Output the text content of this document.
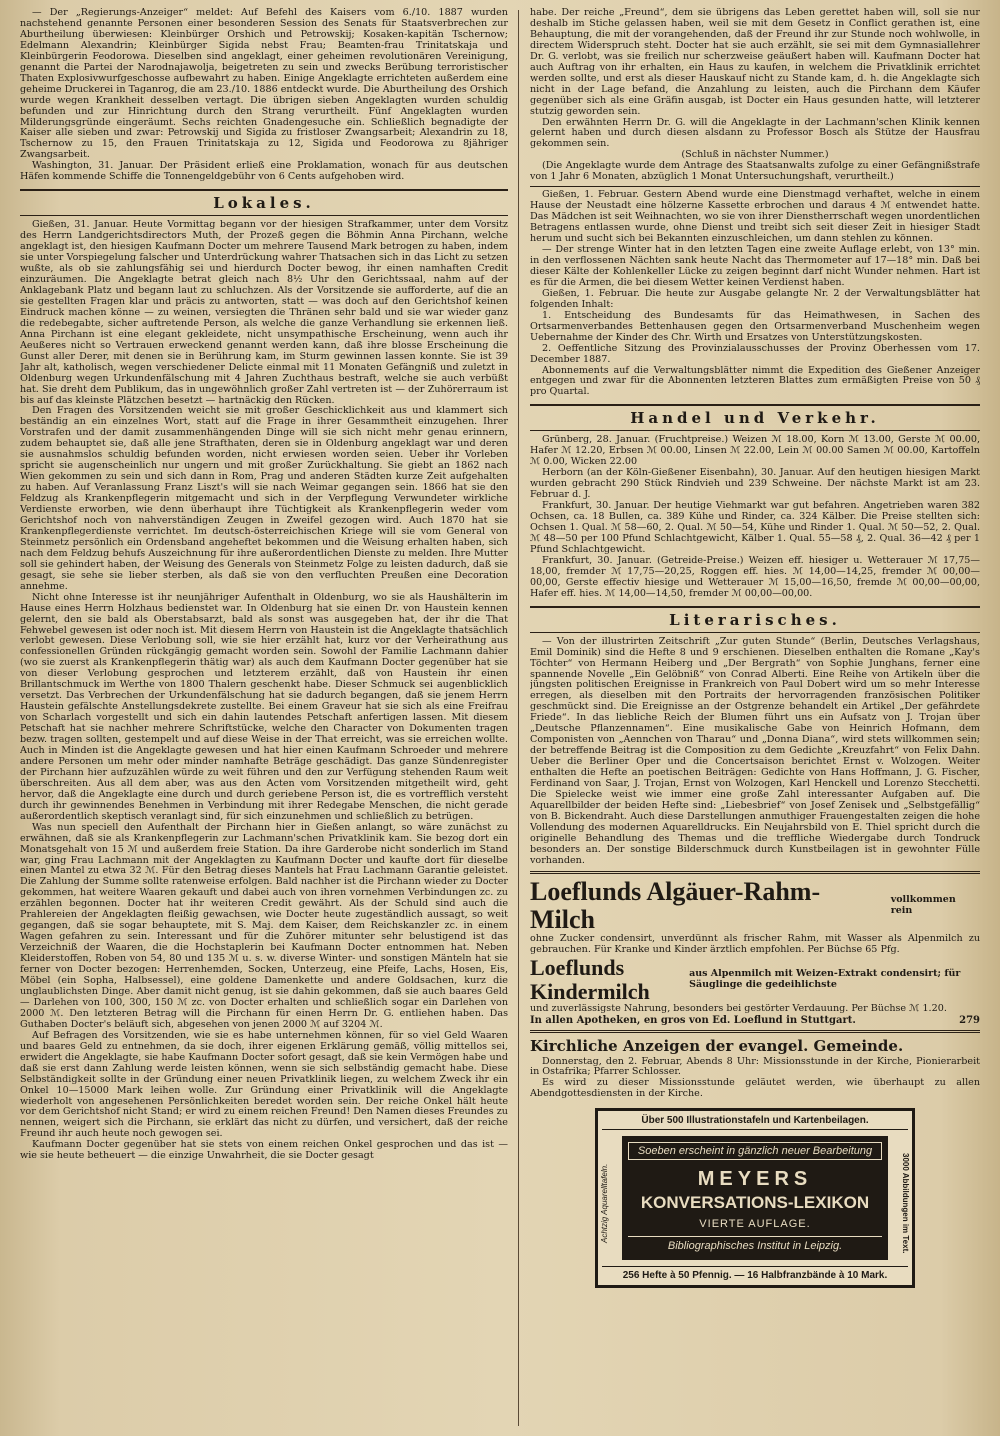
— Der „Regierungs-Anzeiger“ meldet: Auf Befehl des Kaisers vom 6./10. 1887 wurden nachstehend genannte Personen einer besonderen Session des Senats für Staatsverbrechen zur Aburtheilung überwiesen: Kleinbürger Orshich und Petrowskij; Kosaken-kapitän Tschernow; Edelmann Alexandrin; Kleinbürger Sigida nebst Frau; Beamten-frau Trinitatskaja und Kleinbürgerin Feodorowa. Dieselben sind angeklagt, einer geheimen revolutionären Vereinigung, genannt die Partei der Narodnajawolja, beigetreten zu sein und zwecks Berübung terroristischer Thaten Explosivwurfgeschosse aufbewahrt zu haben. Einige Angeklagte errichteten außerdem eine geheime Druckerei in Taganrog, die am 23./10. 1886 entdeckt wurde. Die Aburtheilung des Orshich wurde wegen Krankheit desselben vertagt. Die übrigen sieben Angeklagten wurden schuldig befunden und zur Hinrichtung durch den Strang verurtheilt. Fünf Angeklagten wurden Milderungsgründe eingeräumt. Sechs reichten Gnadengesuche ein. Schließlich begnadigte der Kaiser alle sieben und zwar: Petrowskij und Sigida zu fristloser Zwangsarbeit; Alexandrin zu 18, Tschernow zu 15, den Frauen Trinitatskaja zu 12, Sigida und Feodorowa zu 8jähriger Zwangsarbeit.

Washington, 31. Januar. Der Präsident erließ eine Proklamation, wonach für aus deutschen Häfen kommende Schiffe die Tonnengeldgebühr von 6 Cents aufgehoben wird.

Lokales.

Gießen, 31. Januar. Heute Vormittag begann vor der hiesigen Strafkammer, unter dem Vorsitz des Herrn Landgerichtsdirectors Muth, der Prozeß gegen die Böhmin Anna Pirchann, welche angeklagt ist, den hiesigen Kaufmann Docter um mehrere Tausend Mark betrogen zu haben, indem sie unter Vorspiegelung falscher und Unterdrückung wahrer Thatsachen sich in das Licht zu setzen wußte, als ob sie zahlungsfähig sei und hierdurch Docter bewog, ihr einen namhaften Credit einzuräumen. Die Angeklagte betrat gleich nach 8½ Uhr den Gerichtssaal, nahm auf der Anklagebank Platz und begann laut zu schluchzen. Als der Vorsitzende sie aufforderte, auf die an sie gestellten Fragen klar und präcis zu antworten, statt — was doch auf den Gerichtshof keinen Eindruck machen könne — zu weinen, versiegten die Thränen sehr bald und sie war wieder ganz die redebegabte, sicher auftretende Person, als welche die ganze Verhandlung sie erkennen ließ. Anna Pirchann ist eine elegant gekleidete, nicht unsympathische Erscheinung, wenn auch ihr Aeußeres nicht so Vertrauen erweckend genannt werden kann, daß ihre blosse Erscheinung die Gunst aller Derer, mit denen sie in Berührung kam, im Sturm gewinnen lassen konnte. Sie ist 39 Jahr alt, katholisch, wegen verschiedener Delicte einmal mit 11 Monaten Gefängniß und zuletzt in Oldenburg wegen Urkundenfälschung mit 4 Jahren Zuchthaus bestraft, welche sie auch verbüßt hat. Sie dreht dem Publikum, das in ungewöhnlich großer Zahl vertreten ist — der Zuhörerraum ist bis auf das kleinste Plätzchen besetzt — hartnäckig den Rücken.

Den Fragen des Vorsitzenden weicht sie mit großer Geschicklichkeit aus und klammert sich beständig an ein einzelnes Wort, statt auf die Frage in ihrer Gesammtheit einzugehen. Ihrer Vorstrafen und der damit zusammenhängenden Dinge will sie sich nicht mehr genau erinnern, zudem behauptet sie, daß alle jene Strafthaten, deren sie in Oldenburg angeklagt war und deren sie ausnahmslos schuldig befunden worden, nicht erwiesen worden seien. Ueber ihr Vorleben spricht sie augenscheinlich nur ungern und mit großer Zurückhaltung. Sie giebt an 1862 nach Wien gekommen zu sein und sich dann in Rom, Prag und anderen Städten kurze Zeit aufgehalten zu haben. Auf Veranlassung Franz Liszt's will sie nach Weimar gegangen sein. 1866 hat sie den Feldzug als Krankenpflegerin mitgemacht und sich in der Verpflegung Verwundeter wirkliche Verdienste erworben, wie denn überhaupt ihre Tüchtigkeit als Krankenpflegerin weder vom Gerichtshof noch von nahverständigen Zeugen in Zweifel gezogen wird. Auch 1870 hat sie Krankenpflegerdienste verrichtet. Im deutsch-österreichischen Kriege will sie vom General von Steinmetz persönlich ein Ordensband angeheftet bekommen und die Weisung erhalten haben, sich nach dem Feldzug behufs Auszeichnung für ihre außerordentlichen Dienste zu melden. Ihre Mutter soll sie gehindert haben, der Weisung des Generals von Steinmetz Folge zu leisten dadurch, daß sie gesagt, sie sehe sie lieber sterben, als daß sie von den verfluchten Preußen eine Decoration annehme.

Nicht ohne Interesse ist ihr neunjähriger Aufenthalt in Oldenburg, wo sie als Haushälterin im Hause eines Herrn Holzhaus bedienstet war. In Oldenburg hat sie einen Dr. von Haustein kennen gelernt, den sie bald als Oberstabsarzt, bald als sonst was ausgegeben hat, der ihr die That Fehwebel gewesen ist oder noch ist. Mit diesem Herrn von Haustein ist die Angeklagte thatsächlich verlobt gewesen. Diese Verlobung soll, wie sie hier erzählt hat, kurz vor der Verheirathung aus confessionellen Gründen rückgängig gemacht worden sein. Sowohl der Familie Lachmann dahier (wo sie zuerst als Krankenpflegerin thätig war) als auch dem Kaufmann Docter gegenüber hat sie von dieser Verlobung gesprochen und letzterem erzählt, daß von Haustein ihr einen Brillantschmuck im Werthe von 1800 Thalern geschenkt habe. Dieser Schmuck sei augenblicklich versetzt. Das Verbrechen der Urkundenfälschung hat sie dadurch begangen, daß sie jenem Herrn Haustein gefälschte Anstellungsdekrete zustellte. Bei einem Graveur hat sie sich als eine Freifrau von Scharlach vorgestellt und sich ein dahin lautendes Petschaft anfertigen lassen. Mit diesem Petschaft hat sie nachher mehrere Schriftstücke, welche den Character von Dokumenten tragen bezw. tragen sollten, gestempelt und auf diese Weise in der That erreicht, was sie erreichen wollte. Auch in Minden ist die Angeklagte gewesen und hat hier einen Kaufmann Schroeder und mehrere andere Personen um mehr oder minder namhafte Beträge geschädigt. Das ganze Sündenregister der Pirchann hier aufzuzählen würde zu weit führen und den zur Verfügung stehenden Raum weit überschreiten. Aus all dem aber, was aus den Acten vom Vorsitzenden mitgetheilt wird, geht hervor, daß die Angeklagte eine durch und durch geriebene Person ist, die es vortrefflich versteht durch ihr gewinnendes Benehmen in Verbindung mit ihrer Redegabe Menschen, die nicht gerade außerordentlich skeptisch veranlagt sind, für sich einzunehmen und schließlich zu betrügen.

Was nun speciell den Aufenthalt der Pirchann hier in Gießen anlangt, so wäre zunächst zu erwähnen, daß sie als Krankenpflegerin zur Lachmann'schen Privatklinik kam. Sie bezog dort ein Monatsgehalt von 15 ℳ und außerdem freie Station. Da ihre Garderobe nicht sonderlich im Stand war, ging Frau Lachmann mit der Angeklagten zu Kaufmann Docter und kaufte dort für dieselbe einen Mantel zu etwa 32 ℳ. Für den Betrag dieses Mantels hat Frau Lachmann Garantie geleistet. Die Zahlung der Summe sollte ratenweise erfolgen. Bald nachher ist die Pirchann wieder zu Docter gekommen, hat weitere Waaren gekauft und dabei auch von ihren vornehmen Verbindungen zc. zu erzählen begonnen. Docter hat ihr weiteren Credit gewährt. Als der Schuld sind auch die Prahlereien der Angeklagten fleißig gewachsen, wie Docter heute zugeständlich aussagt, so weit gegangen, daß sie sogar behauptete, mit S. Maj. dem Kaiser, dem Reichskanzler zc. in einem Wagen gefahren zu sein. Interessant und für die Zuhörer mitunter sehr belustigend ist das Verzeichniß der Waaren, die die Hochstaplerin bei Kaufmann Docter entnommen hat. Neben Kleiderstoffen, Roben von 54, 80 und 135 ℳ u. s. w. diverse Winter- und sonstigen Mänteln hat sie ferner von Docter bezogen: Herrenhemden, Socken, Unterzeug, eine Pfeife, Lachs, Hosen, Eis, Möbel (ein Sopha, Halbsessel), eine goldene Damenkette und andere Goldsachen, kurz die unglaublichsten Dinge. Aber damit nicht genug, ist sie dahin gekommen, daß sie auch baares Geld — Darlehen von 100, 300, 150 ℳ zc. von Docter erhalten und schließlich sogar ein Darlehen von 2000 ℳ. Den letzteren Betrag will die Pirchann für einen Herrn Dr. G. entliehen haben. Das Guthaben Docter's beläuft sich, abgesehen von jenen 2000 ℳ auf 3204 ℳ.

Auf Befragen des Vorsitzenden, wie sie es habe unternehmen können, für so viel Geld Waaren und baares Geld zu entnehmen, da sie doch, ihrer eigenen Erklärung gemäß, völlig mittellos sei, erwidert die Angeklagte, sie habe Kaufmann Docter sofort gesagt, daß sie kein Vermögen habe und daß sie erst dann Zahlung werde leisten können, wenn sie sich selbständig gemacht habe. Diese Selbständigkeit sollte in der Gründung einer neuen Privatklinik liegen, zu welchem Zweck ihr ein Onkel 10—15000 Mark leihen wolle. Zur Gründung einer Privatklinik will die Angeklagte wiederholt von angesehenen Persönlichkeiten beredet worden sein. Der reiche Onkel hält heute vor dem Gerichtshof nicht Stand; er wird zu einem reichen Freund! Den Namen dieses Freundes zu nennen, weigert sich die Pirchann, sie erklärt das nicht zu dürfen, und versichert, daß der reiche Freund ihr auch heute noch gewogen sei.

Kaufmann Docter gegenüber hat sie stets von einem reichen Onkel gesprochen und das ist — wie sie heute betheuert — die einzige Unwahrheit, die sie Docter gesagt

habe. Der reiche „Freund“, dem sie übrigens das Leben gerettet haben will, soll sie nur deshalb im Stiche gelassen haben, weil sie mit dem Gesetz in Conflict gerathen ist, eine Behauptung, die mit der vorangehenden, daß der Freund ihr zur Stunde noch wohlwolle, in directem Widerspruch steht. Docter hat sie auch erzählt, sie sei mit dem Gymnasiallehrer Dr. G. verlobt, was sie freilich nur scherzweise geäußert haben will. Kaufmann Docter hat auch Auftrag von ihr erhalten, ein Haus zu kaufen, in welchem die Privatklinik errichtet werden sollte, und erst als dieser Hauskauf nicht zu Stande kam, d. h. die Angeklagte sich nicht in der Lage befand, die Anzahlung zu leisten, auch die Pirchann dem Käufer gegenüber sich als eine Gräfin ausgab, ist Docter ein Haus gesunden hatte, will letzterer stutzig geworden sein.

Den erwähnten Herrn Dr. G. will die Angeklagte in der Lachmann'schen Klinik kennen gelernt haben und durch diesen alsdann zu Professor Bosch als Stütze der Hausfrau gekommen sein.

(Schluß in nächster Nummer.)

(Die Angeklagte wurde dem Antrage des Staatsanwalts zufolge zu einer Gefängnißstrafe von 1 Jahr 6 Monaten, abzüglich 1 Monat Untersuchungshaft, verurtheilt.)

Gießen, 1. Februar. Gestern Abend wurde eine Dienstmagd verhaftet, welche in einem Hause der Neustadt eine hölzerne Kassette erbrochen und daraus 4 ℳ entwendet hatte. Das Mädchen ist seit Weihnachten, wo sie von ihrer Dienstherrschaft wegen unordentlichen Betragens entlassen wurde, ohne Dienst und treibt sich seit dieser Zeit in hiesiger Stadt herum und sucht sich bei Bekannten einzuschleichen, um dann stehlen zu können.

— Der strenge Winter hat in den letzten Tagen eine zweite Auflage erlebt, von 13° min. in den verflossenen Nächten sank heute Nacht das Thermometer auf 17—18° min. Daß bei dieser Kälte der Kohlenkeller Lücke zu zeigen beginnt darf nicht Wunder nehmen. Hart ist es für die Armen, die bei diesem Wetter keinen Verdienst haben.

Gießen, 1. Februar. Die heute zur Ausgabe gelangte Nr. 2 der Verwaltungsblätter hat folgenden Inhalt:

1. Entscheidung des Bundesamts für das Heimathwesen, in Sachen des Ortsarmenverbandes Bettenhausen gegen den Ortsarmenverband Muschenheim wegen Uebernahme der Kinder des Chr. Wirth und Ersatzes von Unterstützungskosten.

2. Oeffentliche Sitzung des Provinzialausschusses der Provinz Oberhessen vom 17. December 1887.

Abonnements auf die Verwaltungsblätter nimmt die Expedition des Gießener Anzeiger entgegen und zwar für die Abonnenten letzteren Blattes zum ermäßigten Preise von 50 ₰ pro Quartal.

Handel und Verkehr.

Grünberg, 28. Januar. (Fruchtpreise.) Weizen ℳ 18.00, Korn ℳ 13.00, Gerste ℳ 00.00, Hafer ℳ 12.20, Erbsen ℳ 00.00, Linsen ℳ 22.00, Lein ℳ 00.00 Samen ℳ 00.00, Kartoffeln ℳ 0.00, Wicken 22.00

Herborn (an der Köln-Gießener Eisenbahn), 30. Januar. Auf den heutigen hiesigen Markt wurden gebracht 290 Stück Rindvieh und 239 Schweine. Der nächste Markt ist am 23. Februar d. J.

Frankfurt, 30. Januar. Der heutige Viehmarkt war gut befahren. Angetrieben waren 382 Ochsen, ca. 18 Bullen, ca. 389 Kühe und Rinder, ca. 324 Kälber. Die Preise stellten sich: Ochsen 1. Qual. ℳ 58—60, 2. Qual. ℳ 50—54, Kühe und Rinder 1. Qual. ℳ 50—52, 2. Qual. ℳ 48—50 per 100 Pfund Schlachtgewicht, Kälber 1. Qual. 55—58 ₰, 2. Qual. 36—42 ₰ per 1 Pfund Schlachtgewicht.

Frankfurt, 30. Januar. (Getreide-Preise.) Weizen eff. hiesiger u. Wetterauer ℳ 17,75—18,00, fremder ℳ 17,75—20,25, Roggen eff. hies. ℳ 14,00—14,25, fremder ℳ 00,00—00,00, Gerste effectiv hiesige und Wetterauer ℳ 15,00—16,50, fremde ℳ 00,00—00,00, Hafer eff. hies. ℳ 14,00—14,50, fremder ℳ 00,00—00,00.

Literarisches.

— Von der illustrirten Zeitschrift „Zur guten Stunde“ (Berlin, Deutsches Verlagshaus, Emil Dominik) sind die Hefte 8 und 9 erschienen. Dieselben enthalten die Romane „Kay's Töchter“ von Hermann Heiberg und „Der Bergrath“ von Sophie Junghans, ferner eine spannende Novelle „Ein Gelöbniß“ von Conrad Alberti. Eine Reihe von Artikeln über die jüngsten politischen Ereignisse in Frankreich von Paul Dobert wird um so mehr Interesse erregen, als dieselben mit den Portraits der hervorragenden französischen Politiker geschmückt sind. Die Ereignisse an der Ostgrenze behandelt ein Artikel „Der gefährdete Friede“. In das liebliche Reich der Blumen führt uns ein Aufsatz von J. Trojan über „Deutsche Pflanzennamen“. Eine musikalische Gabe von Heinrich Hofmann, dem Componisten von „Aennchen von Tharau“ und „Donna Diana“, wird stets willkommen sein; der betreffende Beitrag ist die Composition zu dem Gedichte „Kreuzfahrt“ von Felix Dahn. Ueber die Berliner Oper und die Concertsaison berichtet Ernst v. Wolzogen. Weiter enthalten die Hefte an poetischen Beiträgen: Gedichte von Hans Hoffmann, J. G. Fischer, Ferdinand von Saar, J. Trojan, Ernst von Wolzogen, Karl Henckell und Lorenzo Stecchetti. Die Spielecke weist wie immer eine große Zahl interessanter Aufgaben auf. Die Aquarellbilder der beiden Hefte sind: „Liebesbrief“ von Josef Zenisek und „Selbstgefällig“ von B. Bickendraht. Auch diese Darstellungen anmuthiger Frauengestalten zeigen die hohe Vollendung des modernen Aquarelldrucks. Ein Neujahrsbild von E. Thiel spricht durch die originelle Behandlung des Themas und die treffliche Wiedergabe durch Tondruck besonders an. Der sonstige Bilderschmuck durch Kunstbeilagen ist in gewohnter Fülle vorhanden.

Loeflunds Algäuer-Rahm-Milch
vollkommen rein

ohne Zucker condensirt, unverdünnt als frischer Rahm, mit Wasser als Alpenmilch zu gebrauchen. Für Kranke und Kinder ärztlich empfohlen. Per Büchse 65 Pfg.

Loeflunds Kindermilch
aus Alpenmilch mit Weizen-Extrakt condensirt; für Säuglinge die gedeihlichste

und zuverlässigste Nahrung, besonders bei gestörter Verdauung. Per Büchse ℳ 1.20.

In allen Apotheken, en gros von Ed. Loeflund in Stuttgart.	279
Kirchliche Anzeigen der evangel. Gemeinde.

Donnerstag, den 2. Februar, Abends 8 Uhr: Missionsstunde in der Kirche, Pionierarbeit in Ostafrika; Pfarrer Schlosser.

Es wird zu dieser Missionsstunde geläutet werden, wie überhaupt zu allen Abendgottesdiensten in der Kirche.

Achtzig Aquarelltafeln.	3000 Abbildungen im Text.
Über 500 Illustrationstafeln und Kartenbeilagen.
Soeben erscheint in gänzlich neuer Bearbeitung
MEYERS
KONVERSATIONS-LEXIKON
VIERTE AUFLAGE.
Bibliographisches Institut in Leipzig.
256 Hefte à 50 Pfennig. — 16 Halbfranzbände à 10 Mark.
